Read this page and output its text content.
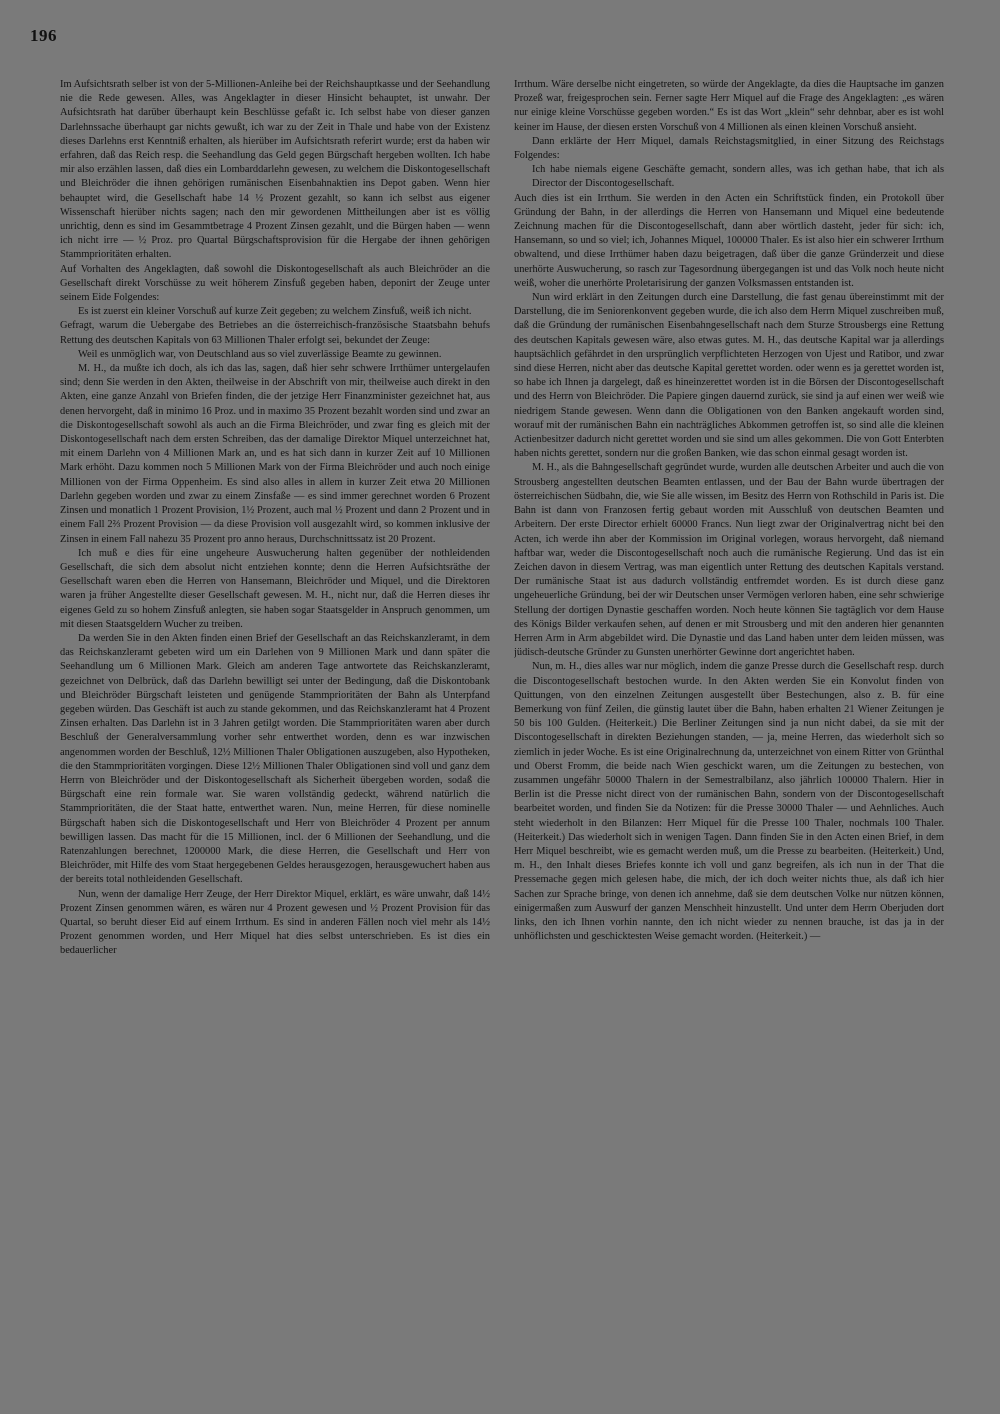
196

Im Aufsichtsrath selber ist von der 5-Millionen-Anleihe bei der Reichshauptkasse und der Seehandlung nie die Rede gewesen. Alles, was Angeklagter in dieser Hinsicht behauptet, ist unwahr. Der Aufsichtsrath hat darüber überhaupt kein Beschlüsse gefaßt ic. Ich selbst habe von dieser ganzen Darlehnssache überhaupt gar nichts gewußt, ich war zu der Zeit in Thale und habe von der Existenz dieses Darlehns erst Kenntniß erhalten, als hierüber im Aufsichtsrath referirt wurde; erst da haben wir erfahren, daß das Reich resp. die Seehandlung das Geld gegen Bürgschaft hergeben wollten. Ich habe mir also erzählen lassen, daß dies ein Lombarddarlehn gewesen, zu welchem die Diskontogesellschaft und Bleichröder die ihnen gehörigen rumänischen Eisenbahnaktien ins Depot gaben. Wenn hier behauptet wird, die Gesellschaft habe 14 ½ Prozent gezahlt, so kann ich selbst aus eigener Wissenschaft hierüber nichts sagen; nach den mir gewordenen Mittheilungen aber ist es völlig unrichtig, denn es sind im Gesammtbetrage 4 Prozent Zinsen gezahlt, und die Bürgen haben — wenn ich nicht irre — ½ Proz. pro Quartal Bürgschaftsprovision für die Hergabe der ihnen gehörigen Stammprioritäten erhalten.

Auf Vorhalten des Angeklagten, daß sowohl die Diskontogesellschaft als auch Bleichröder an die Gesellschaft direkt Vorschüsse zu weit höherem Zinsfuß gegeben haben, deponirt der Zeuge unter seinem Eide Folgendes:

Es ist zuerst ein kleiner Vorschuß auf kurze Zeit gegeben; zu welchem Zinsfuß, weiß ich nicht.

Gefragt, warum die Uebergabe des Betriebes an die österreichisch-französische Staatsbahn behufs Rettung des deutschen Kapitals von 63 Millionen Thaler erfolgt sei, bekundet der Zeuge:

Weil es unmöglich war, von Deutschland aus so viel zuverlässige Beamte zu gewinnen.

M. H., da mußte ich doch, als ich das las, sagen, daß hier sehr schwere Irrthümer untergelaufen sind; denn Sie werden in den Akten, theilweise in der Abschrift von mir, theilweise auch direkt in den Akten, eine ganze Anzahl von Briefen finden, die der jetzige Herr Finanzminister gezeichnet hat, aus denen hervorgeht, daß in minimo 16 Proz. und in maximo 35 Prozent bezahlt worden sind und zwar an die Diskontogesellschaft sowohl als auch an die Firma Bleichröder, und zwar fing es gleich mit der Diskontogesellschaft nach dem ersten Schreiben, das der damalige Direktor Miquel unterzeichnet hat, mit einem Darlehn von 4 Millionen Mark an, und es hat sich dann in kurzer Zeit auf 10 Millionen Mark erhöht. Dazu kommen noch 5 Millionen Mark von der Firma Bleichröder und auch noch einige Millionen von der Firma Oppenheim. Es sind also alles in allem in kurzer Zeit etwa 20 Millionen Darlehn gegeben worden und zwar zu einem Zinsfaße — es sind immer gerechnet worden 6 Prozent Zinsen und monatlich 1 Prozent Provision, 1½ Prozent, auch mal ½ Prozent und dann 2 Prozent und in einem Fall 2⅔ Prozent Provision — da diese Provision voll ausgezahlt wird, so kommen inklusive der Zinsen in einem Fall nahezu 35 Prozent pro anno heraus, Durchschnittssatz ist 20 Prozent.

Ich muß e dies für eine ungeheure Auswucherung halten gegenüber der nothleidenden Gesellschaft, die sich dem absolut nicht entziehen konnte; denn die Herren Aufsichtsräthe der Gesellschaft waren eben die Herren von Hansemann, Bleichröder und Miquel, und die Direktoren waren ja früher Angestellte dieser Gesellschaft gewesen. M. H., nicht nur, daß die Herren dieses ihr eigenes Geld zu so hohem Zinsfuß anlegten, sie haben sogar Staatsgelder in Anspruch genommen, um mit diesen Staatsgeldern Wucher zu treiben.

Da werden Sie in den Akten finden einen Brief der Gesellschaft an das Reichskanzleramt, in dem das Reichskanzleramt gebeten wird um ein Darlehen von 9 Millionen Mark und dann später die Seehandlung um 6 Millionen Mark. Gleich am anderen Tage antwortete das Reichskanzleramt, gezeichnet von Delbrück, daß das Darlehn bewilligt sei unter der Bedingung, daß die Diskontobank und Bleichröder Bürgschaft leisteten und genügende Stammprioritäten der Bahn als Unterpfand gegeben würden. Das Geschäft ist auch zu stande gekommen, und das Reichskanzleramt hat 4 Prozent Zinsen erhalten. Das Darlehn ist in 3 Jahren getilgt worden. Die Stammprioritäten waren aber durch Beschluß der Generalversammlung vorher sehr entwerthet worden, denn es war inzwischen angenommen worden der Beschluß, 12½ Millionen Thaler Obligationen auszugeben, also Hypotheken, die den Stammprioritäten vorgingen. Diese 12½ Millionen Thaler Obligationen sind voll und ganz dem Herrn von Bleichröder und der Diskontogesellschaft als Sicherheit übergeben worden, sodaß die Bürgschaft eine rein formale war. Sie waren vollständig gedeckt, während natürlich die Stammprioritäten, die der Staat hatte, entwerthet waren. Nun, meine Herren, für diese nominelle Bürgschaft haben sich die Diskontogesellschaft und Herr von Bleichröder 4 Prozent per annum bewilligen lassen. Das macht für die 15 Millionen, incl. der 6 Millionen der Seehandlung, und die Ratenzahlungen berechnet, 1200000 Mark, die diese Herren, die Gesellschaft und Herr von Bleichröder, mit Hilfe des vom Staat hergegebenen Geldes herausgezogen, herausgewuchert haben aus der bereits total nothleidenden Gesellschaft.

Nun, wenn der damalige Herr Zeuge, der Herr Direktor Miquel, erklärt, es wäre unwahr, daß 14½ Prozent Zinsen genommen wären, es wären nur 4 Prozent gewesen und ½ Prozent Provision für das Quartal, so beruht dieser Eid auf einem Irrthum. Es sind in anderen Fällen noch viel mehr als 14½ Prozent genommen worden, und Herr Miquel hat dies selbst unterschrieben. Es ist dies ein bedauerlicher

Irrthum. Wäre derselbe nicht eingetreten, so würde der Angeklagte, da dies die Hauptsache im ganzen Prozeß war, freigesprochen sein. Ferner sagte Herr Miquel auf die Frage des Angeklagten: „es wären nur einige kleine Vorschüsse gegeben worden.“ Es ist das Wort „klein“ sehr dehnbar, aber es ist wohl keiner im Hause, der diesen ersten Vorschuß von 4 Millionen als einen kleinen Vorschuß ansieht.

Dann erklärte der Herr Miquel, damals Reichstagsmitglied, in einer Sitzung des Reichstags Folgendes:

Ich habe niemals eigene Geschäfte gemacht, sondern alles, was ich gethan habe, that ich als Director der Discontogesellschaft.

Auch dies ist ein Irrthum. Sie werden in den Acten ein Schriftstück finden, ein Protokoll über Gründung der Bahn, in der allerdings die Herren von Hansemann und Miquel eine bedeutende Zeichnung machen für die Discontogesellschaft, dann aber wörtlich dasteht, jeder für sich: ich, Hansemann, so und so viel; ich, Johannes Miquel, 100000 Thaler. Es ist also hier ein schwerer Irrthum obwaltend, und diese Irrthümer haben dazu beigetragen, daß über die ganze Gründerzeit und diese unerhörte Auswucherung, so rasch zur Tagesordnung übergegangen ist und das Volk noch heute nicht weiß, woher die unerhörte Proletarisirung der ganzen Volksmassen entstanden ist.

Nun wird erklärt in den Zeitungen durch eine Darstellung, die fast genau übereinstimmt mit der Darstellung, die im Seniorenkonvent gegeben wurde, die ich also dem Herrn Miquel zuschreiben muß, daß die Gründung der rumänischen Eisenbahngesellschaft nach dem Sturze Strousbergs eine Rettung des deutschen Kapitals gewesen wäre, also etwas gutes. M. H., das deutsche Kapital war ja allerdings hauptsächlich gefährdet in den ursprünglich verpflichteten Herzogen von Ujest und Ratibor, und zwar sind diese Herren, nicht aber das deutsche Kapital gerettet worden. oder wenn es ja gerettet worden ist, so habe ich Ihnen ja dargelegt, daß es hineinzerettet worden ist in die Börsen der Discontogesellschaft und des Herrn von Bleichröder. Die Papiere gingen dauernd zurück, sie sind ja auf einen wer weiß wie niedrigem Stande gewesen. Wenn dann die Obligationen von den Banken angekauft worden sind, worauf mit der rumänischen Bahn ein nachträgliches Abkommen getroffen ist, so sind alle die kleinen Actienbesitzer dadurch nicht gerettet worden und sie sind um alles gekommen. Die von Gott Enterbten haben nichts gerettet, sondern nur die großen Banken, wie das schon einmal gesagt worden ist.

M. H., als die Bahngesellschaft gegründet wurde, wurden alle deutschen Arbeiter und auch die von Strousberg angestellten deutschen Beamten entlassen, und der Bau der Bahn wurde übertragen der österreichischen Südbahn, die, wie Sie alle wissen, im Besitz des Herrn von Rothschild in Paris ist. Die Bahn ist dann von Franzosen fertig gebaut worden mit Ausschluß von deutschen Beamten und Arbeitern. Der erste Director erhielt 60000 Francs. Nun liegt zwar der Originalvertrag nicht bei den Acten, ich werde ihn aber der Kommission im Original vorlegen, woraus hervorgeht, daß niemand haftbar war, weder die Discontogesellschaft noch auch die rumänische Regierung. Und das ist ein Zeichen davon in diesem Vertrag, was man eigentlich unter Rettung des deutschen Kapitals verstand. Der rumänische Staat ist aus dadurch vollständig entfremdet worden. Es ist durch diese ganz ungeheuerliche Gründung, bei der wir Deutschen unser Vermögen verloren haben, eine sehr schwierige Stellung der dortigen Dynastie geschaffen worden. Noch heute können Sie tagtäglich vor dem Hause des Königs Bilder verkaufen sehen, auf denen er mit Strousberg und mit den anderen hier genannten Herren Arm in Arm abgebildet wird. Die Dynastie und das Land haben unter dem leiden müssen, was jüdisch-deutsche Gründer zu Gunsten unerhörter Gewinne dort angerichtet haben.

Nun, m. H., dies alles war nur möglich, indem die ganze Presse durch die Gesellschaft resp. durch die Discontogesellschaft bestochen wurde. In den Akten werden Sie ein Konvolut finden von Quittungen, von den einzelnen Zeitungen ausgestellt über Bestechungen, also z. B. für eine Bemerkung von fünf Zeilen, die günstig lautet über die Bahn, haben erhalten 21 Wiener Zeitungen je 50 bis 100 Gulden. (Heiterkeit.) Die Berliner Zeitungen sind ja nun nicht dabei, da sie mit der Discontogesellschaft in direkten Beziehungen standen, — ja, meine Herren, das wiederholt sich so ziemlich in jeder Woche. Es ist eine Originalrechnung da, unterzeichnet von einem Ritter von Grünthal und Oberst Fromm, die beide nach Wien geschickt waren, um die Zeitungen zu bestechen, von zusammen ungefähr 50000 Thalern in der Semestralbilanz, also jährlich 100000 Thalern. Hier in Berlin ist die Presse nicht direct von der rumänischen Bahn, sondern von der Discontogesellschaft bearbeitet worden, und finden Sie da Notizen: für die Presse 30000 Thaler — und Aehnliches. Auch steht wiederholt in den Bilanzen: Herr Miquel für die Presse 100 Thaler, nochmals 100 Thaler. (Heiterkeit.) Das wiederholt sich in wenigen Tagen. Dann finden Sie in den Acten einen Brief, in dem Herr Miquel beschreibt, wie es gemacht werden muß, um die Presse zu bearbeiten. (Heiterkeit.) Und, m. H., den Inhalt dieses Briefes konnte ich voll und ganz begreifen, als ich nun in der That die Pressemache gegen mich gelesen habe, die mich, der ich doch weiter nichts thue, als daß ich hier Sachen zur Sprache bringe, von denen ich annehme, daß sie dem deutschen Volke nur nützen können, einigermaßen zum Auswurf der ganzen Menschheit hinzustellt. Und unter dem Herrn Oberjuden dort links, den ich Ihnen vorhin nannte, den ich nicht wieder zu nennen brauche, ist das ja in der unhöflichsten und geschicktesten Weise gemacht worden. (Heiterkeit.) —
